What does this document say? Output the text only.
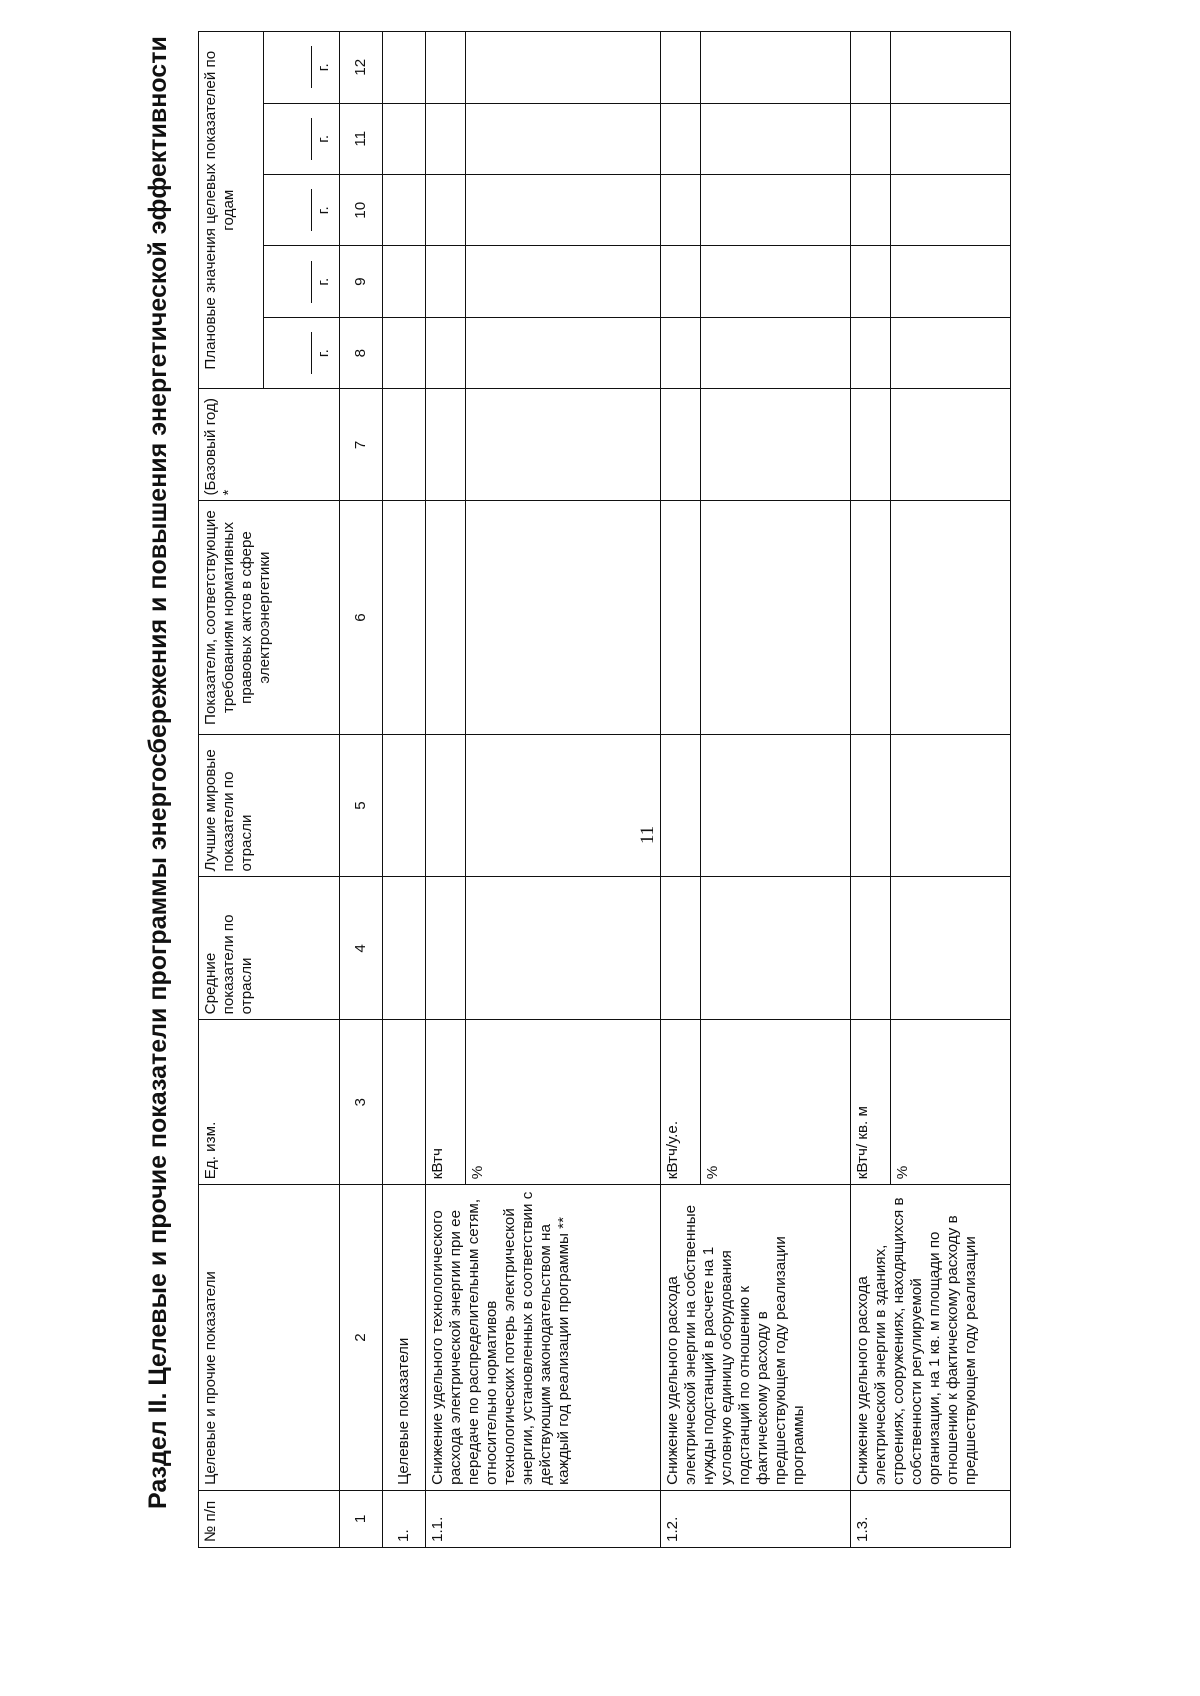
11
Раздел II. Целевые и прочие показатели программы энергосбережения и повышения энергетической эффективности
№ п/п	Целевые и прочие показатели	Ед. изм.	Средние показатели по отрасли	Лучшие мировые показатели по отрасли	Показатели, соответствующие требованиям нормативных правовых актов в сфере электроэнергетики	(Базовый год) *	Плановые значения целевых показателей по годам				
							г.	г.	г.	г.	г.
1	2	3	4	5	6	7	8	9	10	11	12
1.	Целевые показатели										
1.1.	Снижение удельного технологического расхода электрической энергии при ее передаче по распределительным сетям, относительно нормативов технологических потерь электрической энергии, установленных в соответствии с действующим законодательством на каждый год реализации программы **	кВтч									
		%									
1.2.	Снижение удельного расхода электрической энергии на собственные нужды подстанций в расчете на 1 условную единицу оборудования подстанций по отношению к фактическому расходу в предшествующем году реализации программы	кВтч/у.е.									
		%									
1.3.	Снижение удельного расхода электрической энергии в зданиях, строениях, сооружениях, находящихся в собственности регулируемой организации, на 1 кв. м площади по отношению к фактическому расходу в предшествующем году реализации	кВтч/ кв. м									
		%									
